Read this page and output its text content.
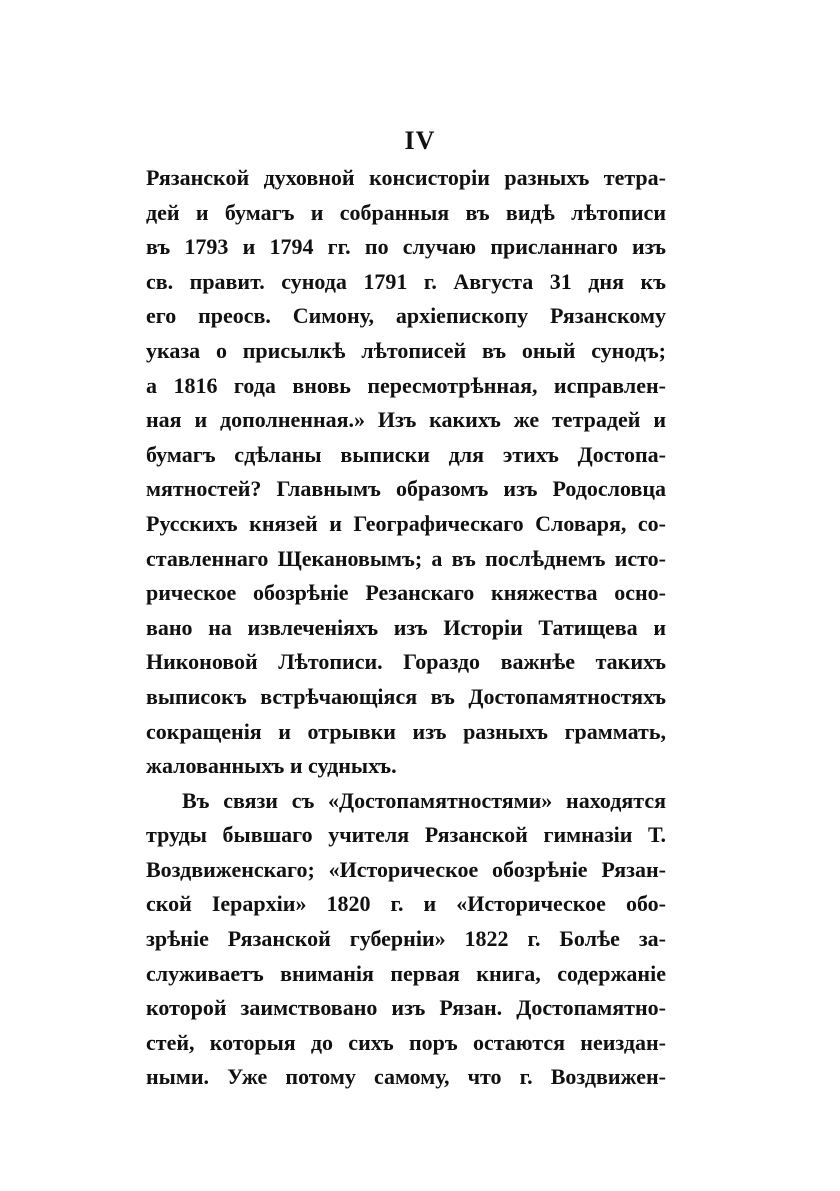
IV
Рязанской духовной консисторіи разныхъ тетра-
дей и бумагъ и собранныя въ видѣ лѣтописи
въ 1793 и 1794 гг. по случаю присланнаго изъ
св. правит. сунода 1791 г. Августа 31 дня къ
его преосв. Симону, архіепископу Рязанскому
указа о присылкѣ лѣтописей въ оный сунодъ;
а 1816 года вновь пересмотрѣнная, исправлен-
ная и дополненная.» Изъ какихъ же тетрадей и
бумагъ сдѣланы выписки для этихъ Достопа-
мятностей? Главнымъ образомъ изъ Родословца
Русскихъ князей и Географическаго Словаря, со-
ставленнаго Щекановымъ; а въ послѣднемъ исто-
рическое обозрѣніе Резанскаго княжества осно-
вано на извлеченіяхъ изъ Исторіи Татищева и
Никоновой Лѣтописи. Гораздо важнѣе такихъ
выписокъ встрѣчающіяся въ Достопамятностяхъ
сокращенія и отрывки изъ разныхъ граммать,
жалованныхъ и судныхъ.
Въ связи съ «Достопамятностями» находятся
труды бывшаго учителя Рязанской гимназіи Т.
Воздвиженскаго; «Историческое обозрѣніе Рязан-
ской Іерархіи» 1820 г. и «Историческое обо-
зрѣніе Рязанской губерніи» 1822 г. Болѣе за-
служиваетъ вниманія первая книга, содержаніе
которой заимствовано изъ Рязан. Достопамятно-
стей, которыя до сихъ поръ остаются неиздан-
ными. Уже потому самому, что г. Воздвижен-
